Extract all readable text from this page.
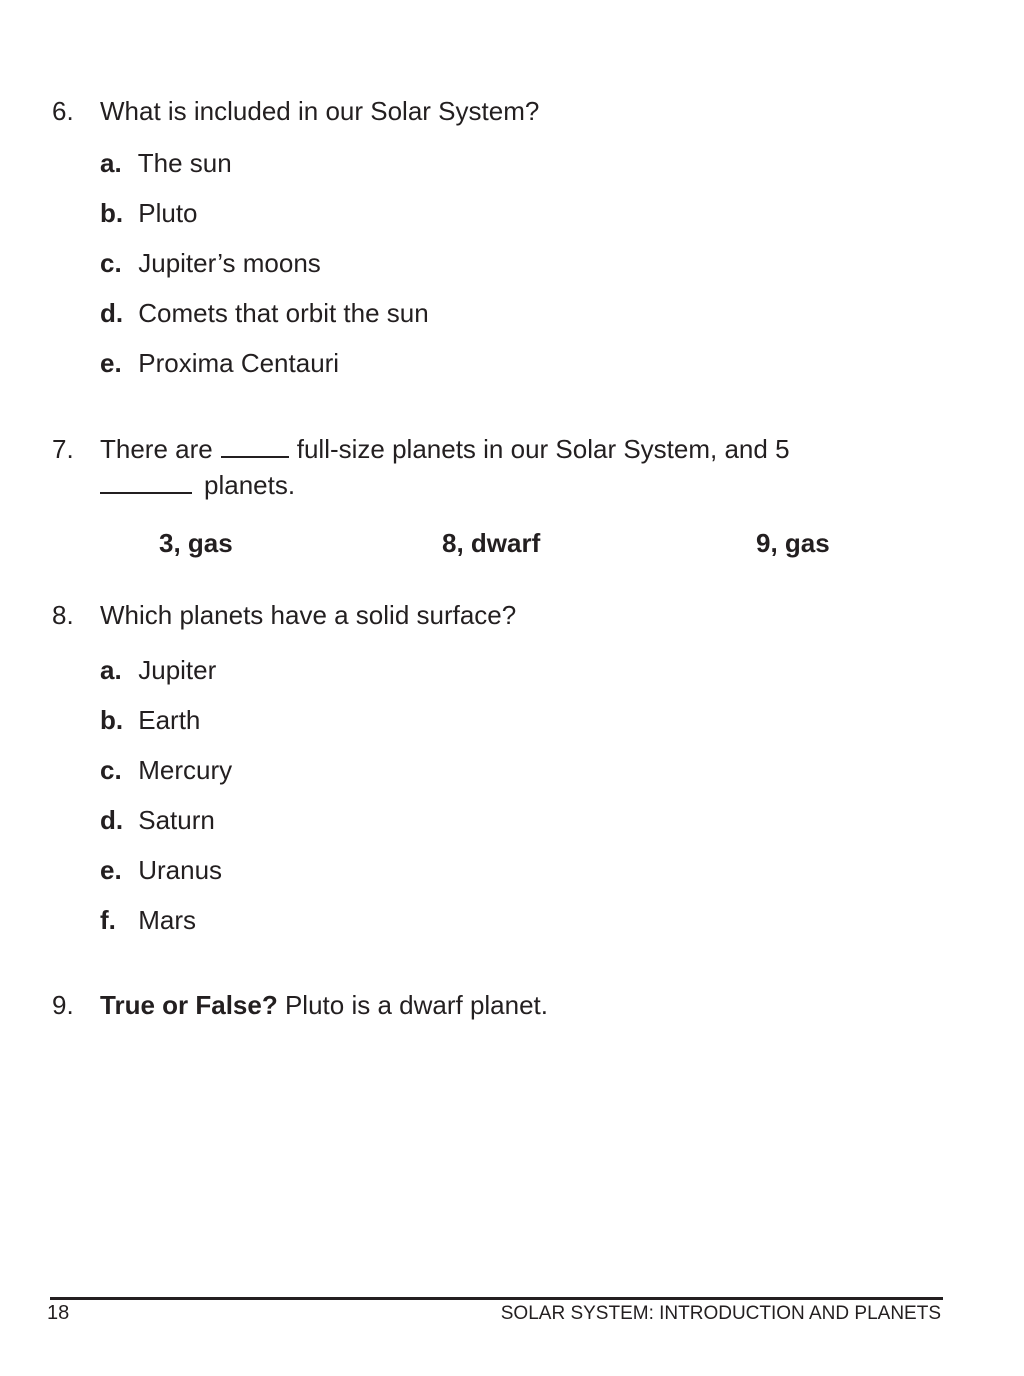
6. What is included in our Solar System?
a. The sun
b. Pluto
c. Jupiter’s moons
d. Comets that orbit the sun
e. Proxima Centauri
7. There are	full-size planets in our Solar System, and 5
planets.
3, gas	8, dwarf	9, gas
8. Which planets have a solid surface?
a. Jupiter
b. Earth
c. Mercury
d. Saturn
e. Uranus
f. Mars
9. True or False? Pluto is a dwarf planet.
18	SOLAR SYSTEM: INTRODUCTION AND PLANETS
